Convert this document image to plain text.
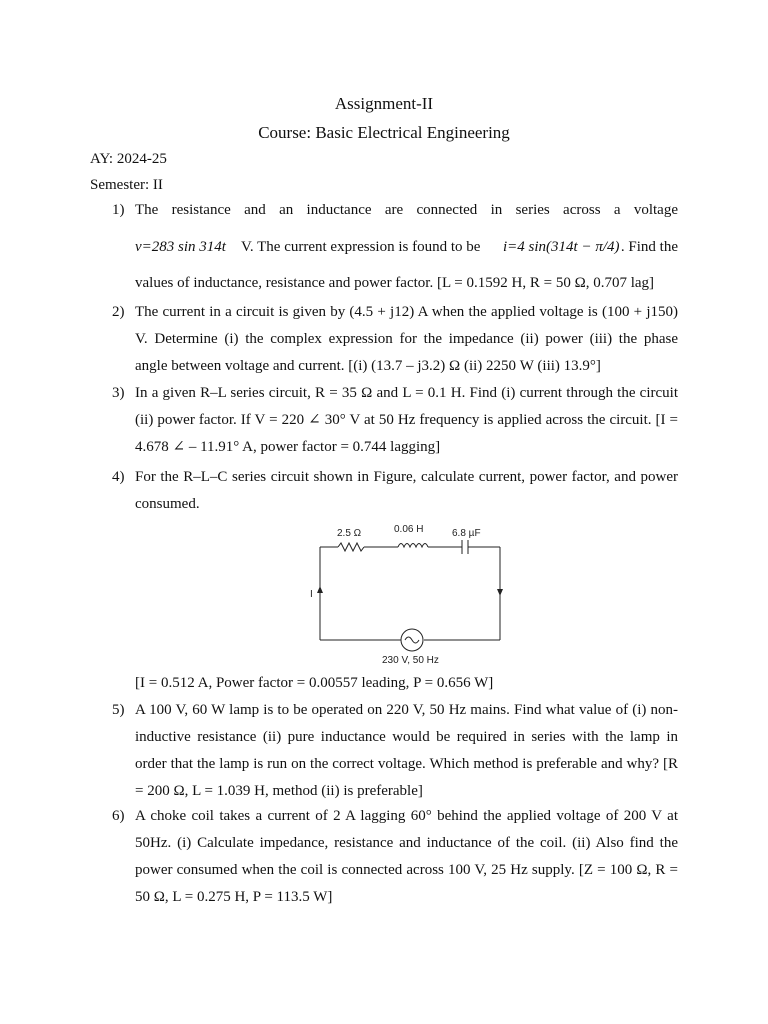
Assignment-II
Course: Basic Electrical Engineering
AY: 2024-25
Semester: II
1) The resistance and an inductance are connected in series across a voltage
v=283 sin 314t V. The current expression is found to be i=4 sin(314t − π/4) . Find the
values of inductance, resistance and power factor. [L = 0.1592 H, R = 50 Ω, 0.707 lag]
2) The current in a circuit is given by (4.5 + j12) A when the applied voltage is (100 + j150)
V. Determine (i) the complex expression for the impedance (ii) power (iii) the phase
angle between voltage and current. [(i) (13.7 – j3.2) Ω (ii) 2250 W (iii) 13.9°]
3) In a given R–L series circuit, R = 35 Ω and L = 0.1 H. Find (i) current through the circuit
(ii) power factor. If V = 220 ∠ 30° V at 50 Hz frequency is applied across the circuit. [I =
4.678 ∠ – 11.91° A, power factor = 0.744 lagging]
4) For the R–L–C series circuit shown in Figure, calculate current, power factor, and power
consumed.
2.5 Ω	0.06 H	6.8 µF
I
230 V, 50 Hz
[I = 0.512 A, Power factor = 0.00557 leading, P = 0.656 W]
5) A 100 V, 60 W lamp is to be operated on 220 V, 50 Hz mains. Find what value of (i) non-
inductive resistance (ii) pure inductance would be required in series with the lamp in
order that the lamp is run on the correct voltage. Which method is preferable and why? [R
= 200 Ω, L = 1.039 H, method (ii) is preferable]
6) A choke coil takes a current of 2 A lagging 60° behind the applied voltage of 200 V at
50Hz. (i) Calculate impedance, resistance and inductance of the coil. (ii) Also find the
power consumed when the coil is connected across 100 V, 25 Hz supply. [Z = 100 Ω, R =
50 Ω, L = 0.275 H, P = 113.5 W]
